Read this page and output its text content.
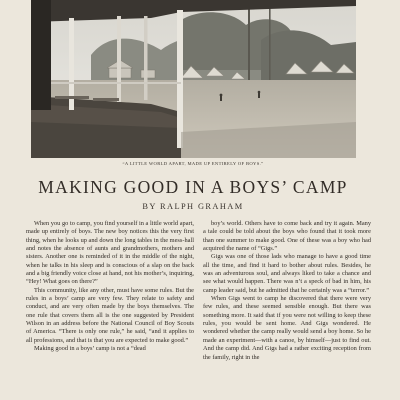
“A LITTLE WORLD APART, MADE UP ENTIRELY OF BOYS.”
MAKING GOOD IN A BOYS’ CAMP
BY RALPH GRAHAM

When you go to camp, you find yourself in a little world apart, made up entirely of boys. The new boy notices this the very first thing, when he looks up and down the long tables in the mess-hall and notes the absence of aunts and grandmothers, mothers and sisters. Another one is reminded of it in the middle of the night, when he talks in his sleep and is conscious of a slap on the back and a big friendly voice close at hand, not his mother’s, inquiring, “Hey! What goes on there?”

This community, like any other, must have some rules. But the rules in a boys’ camp are very few. They relate to safety and conduct, and are very often made by the boys themselves. The one rule that covers them all is the one suggested by President Wilson in an address before the National Council of Boy Scouts of America. “There is only one rule,” he said, “and it applies to all professions, and that is that you are expected to make good.”

Making good in a boys’ camp is not a “dead

boy’s world. Others have to come back and try it again. Many a tale could be told about the boys who found that it took more than one summer to make good. One of these was a boy who had acquired the name of “Gigs.”

Gigs was one of those lads who manage to have a good time all the time, and find it hard to bother about rules. Besides, he was an adventurous soul, and always liked to take a chance and see what would happen. There was n’t a speck of bad in him, his camp leader said, but he admitted that he certainly was a “terror.”

When Gigs went to camp he discovered that there were very few rules, and these seemed sensible enough. But there was something more. It said that if you were not willing to keep these rules, you would be sent home. And Gigs wondered. He wondered whether the camp really would send a boy home. So he made an experiment—with a canoe, by himself—just to find out. And the camp did. And Gigs had a rather exciting reception from the family, right in the
